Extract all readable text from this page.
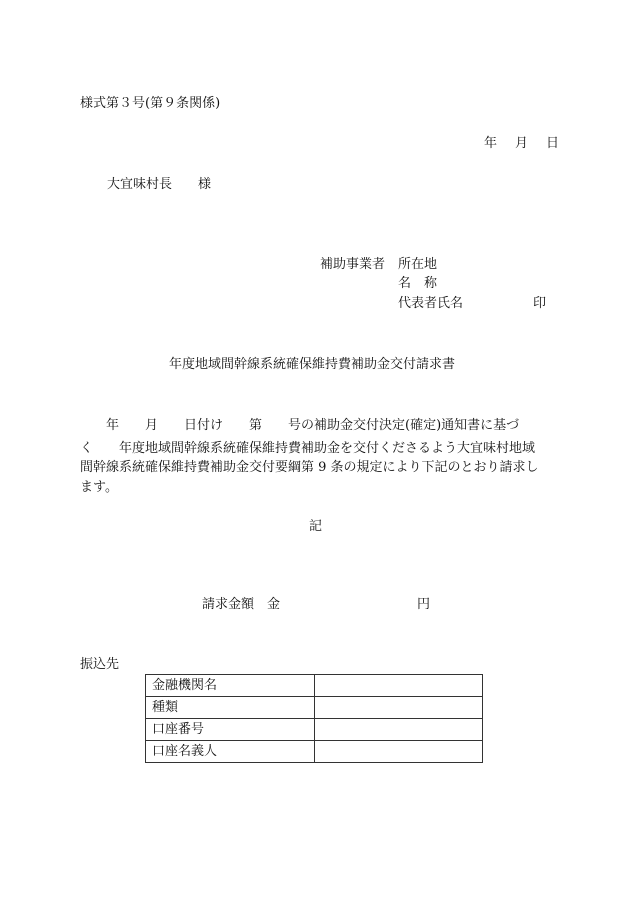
様式第３号(第９条関係)
年 月 日
大宜味村長　　様
補助事業者 所在地
名　称
代表者氏名	印
年度地域間幹線系統確保維持費補助金交付請求書
　　年　　月　　日付け　　第　　号の補助金交付決定(確定)通知書に基づ
く　　年度地域間幹線系統確保維持費補助金を交付くださるよう大宜味村地域
間幹線系統確保維持費補助金交付要綱第 9 条の規定により下記のとおり請求し
ます。
記
請求金額　金	円
振込先
金融機関名	
種類	
口座番号	
口座名義人	
